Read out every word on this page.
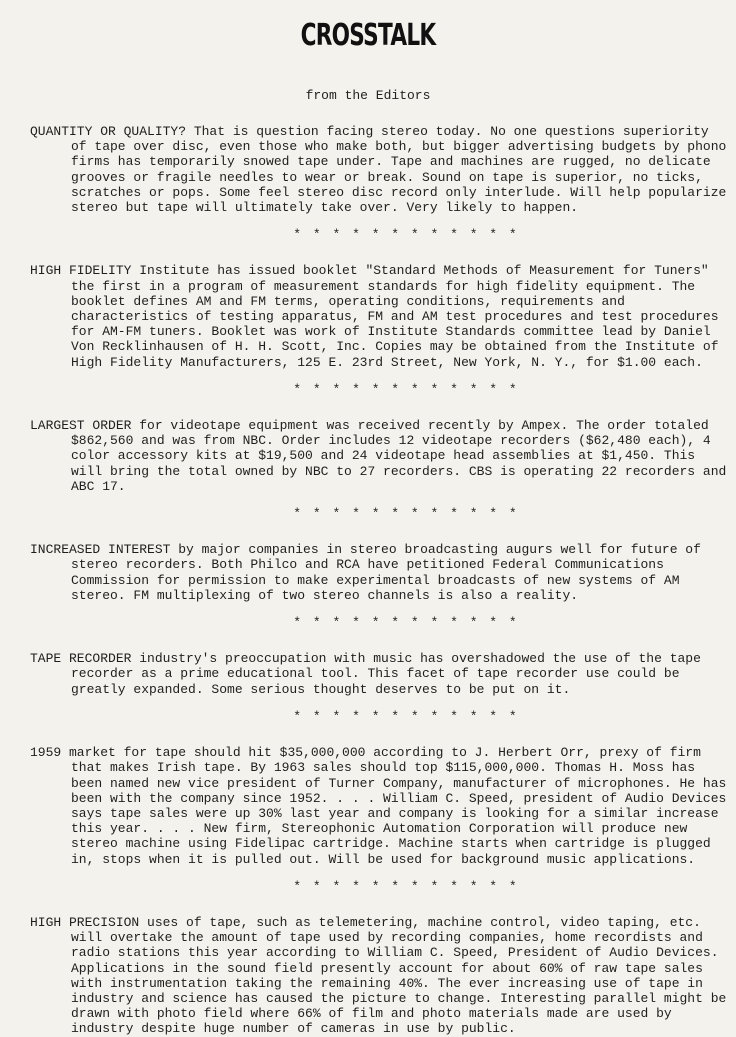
CROSSTALK
from the Editors

QUANTITY OR QUALITY? That is question facing stereo today. No one questions superiority of tape over disc, even those who make both, but bigger advertising budgets by phono firms has temporarily snowed tape under. Tape and machines are rugged, no delicate grooves or fragile needles to wear or break. Sound on tape is superior, no ticks, scratches or pops. Some feel stereo disc record only interlude. Will help popularize stereo but tape will ultimately take over. Very likely to happen.

* * * * * * * * * * * *

HIGH FIDELITY Institute has issued booklet "Standard Methods of Measurement for Tuners" the first in a program of measurement standards for high fidelity equipment. The booklet defines AM and FM terms, operating conditions, requirements and characteristics of testing apparatus, FM and AM test procedures and test procedures for AM-FM tuners. Booklet was work of Institute Standards committee lead by Daniel Von Recklinhausen of H. H. Scott, Inc. Copies may be obtained from the Institute of High Fidelity Manufacturers, 125 E. 23rd Street, New York, N. Y., for $1.00 each.

* * * * * * * * * * * *

LARGEST ORDER for videotape equipment was received recently by Ampex. The order totaled $862,560 and was from NBC. Order includes 12 videotape recorders ($62,480 each), 4 color accessory kits at $19,500 and 24 videotape head assemblies at $1,450. This will bring the total owned by NBC to 27 recorders. CBS is operating 22 recorders and ABC 17.

* * * * * * * * * * * *

INCREASED INTEREST by major companies in stereo broadcasting augurs well for future of stereo recorders. Both Philco and RCA have petitioned Federal Communications Commission for permission to make experimental broadcasts of new systems of AM stereo. FM multiplexing of two stereo channels is also a reality.

* * * * * * * * * * * *

TAPE RECORDER industry's preoccupation with music has overshadowed the use of the tape recorder as a prime educational tool. This facet of tape recorder use could be greatly expanded. Some serious thought deserves to be put on it.

* * * * * * * * * * * *

1959 market for tape should hit $35,000,000 according to J. Herbert Orr, prexy of firm that makes Irish tape. By 1963 sales should top $115,000,000. Thomas H. Moss has been named new vice president of Turner Company, manufacturer of microphones. He has been with the company since 1952. . . . William C. Speed, president of Audio Devices says tape sales were up 30% last year and company is looking for a similar increase this year. . . . New firm, Stereophonic Automation Corporation will produce new stereo machine using Fidelipac cartridge. Machine starts when cartridge is plugged in, stops when it is pulled out. Will be used for background music applications.

* * * * * * * * * * * *

HIGH PRECISION uses of tape, such as telemetering, machine control, video taping, etc. will overtake the amount of tape used by recording companies, home recordists and radio stations this year according to William C. Speed, President of Audio Devices. Applications in the sound field presently account for about 60% of raw tape sales with instrumentation taking the remaining 40%. The ever increasing use of tape in industry and science has caused the picture to change. Interesting parallel might be drawn with photo field where 66% of film and photo materials made are used by industry despite huge number of cameras in use by public.
